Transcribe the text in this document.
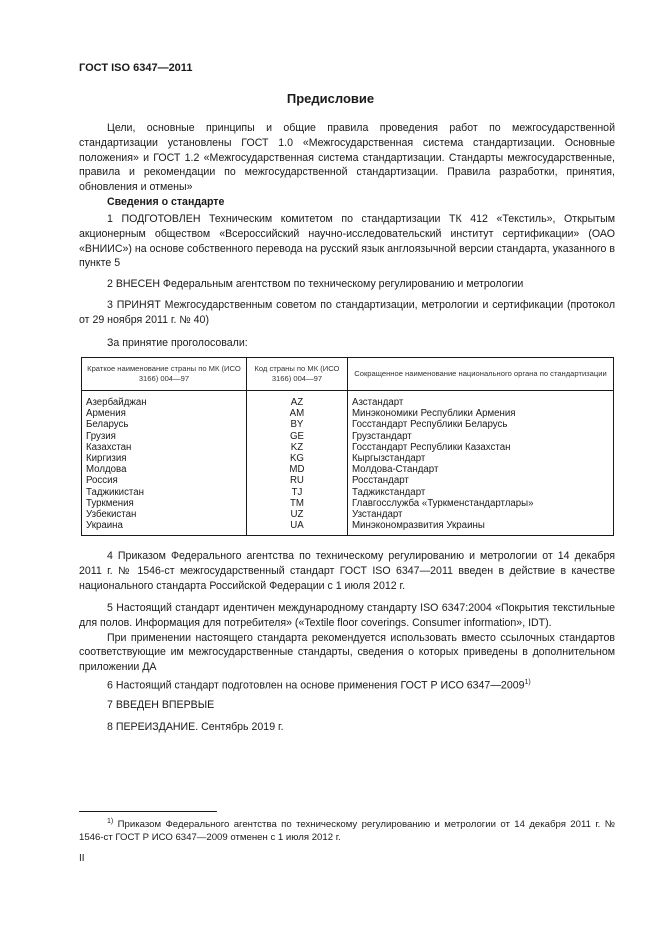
ГОСТ ISO 6347—2011
Предисловие

Цели, основные принципы и общие правила проведения работ по межгосударственной стандартизации установлены ГОСТ 1.0 «Межгосударственная система стандартизации. Основные положения» и ГОСТ 1.2 «Межгосударственная система стандартизации. Стандарты межгосударственные, правила и рекомендации по межгосударственной стандартизации. Правила разработки, принятия, обновления и отмены»

Сведения о стандарте

1 ПОДГОТОВЛЕН Техническим комитетом по стандартизации ТК 412 «Текстиль», Открытым акционерным обществом «Всероссийский научно-исследовательский институт сертификации» (ОАО «ВНИИС») на основе собственного перевода на русский язык англоязычной версии стандарта, указанного в пункте 5

2 ВНЕСЕН Федеральным агентством по техническому регулированию и метрологии

3 ПРИНЯТ Межгосударственным советом по стандартизации, метрологии и сертификации (протокол от 29 ноября 2011 г. № 40)

За принятие проголосовали:

Краткое наименование страны по МК (ИСО 3166) 004—97	Код страны по МК (ИСО 3166) 004—97	Сокращенное наименование национального органа по стандартизации
Азербайджан	AZ	Азстандарт
Армения	AM	Минэкономики Республики Армения
Беларусь	BY	Госстандарт Республики Беларусь
Грузия	GE	Грузстандарт
Казахстан	KZ	Госстандарт Республики Казахстан
Киргизия	KG	Кыргызстандарт
Молдова	MD	Молдова-Стандарт
Россия	RU	Росстандарт
Таджикистан	TJ	Таджикстандарт
Туркмения	TM	Главгосслужба «Туркменстандартлары»
Узбекистан	UZ	Узстандарт
Украина	UA	Минэкономразвития Украины

4 Приказом Федерального агентства по техническому регулированию и метрологии от 14 декабря 2011 г. № 1546-ст межгосударственный стандарт ГОСТ ISO 6347—2011 введен в действие в качестве национального стандарта Российской Федерации с 1 июля 2012 г.

5 Настоящий стандарт идентичен международному стандарту ISO 6347:2004 «Покрытия текстильные для полов. Информация для потребителя» («Textile floor coverings. Consumer information», IDT).

При применении настоящего стандарта рекомендуется использовать вместо ссылочных стандартов соответствующие им межгосударственные стандарты, сведения о которых приведены в дополнительном приложении ДА

6 Настоящий стандарт подготовлен на основе применения ГОСТ Р ИСО 6347—2009$^{1)}$

7 ВВЕДЕН ВПЕРВЫЕ

8 ПЕРЕИЗДАНИЕ. Сентябрь 2019 г.

$^{1)}$ Приказом Федерального агентства по техническому регулированию и метрологии от 14 декабря 2011 г. № 1546-ст ГОСТ Р ИСО 6347—2009 отменен с 1 июля 2012 г.
II
